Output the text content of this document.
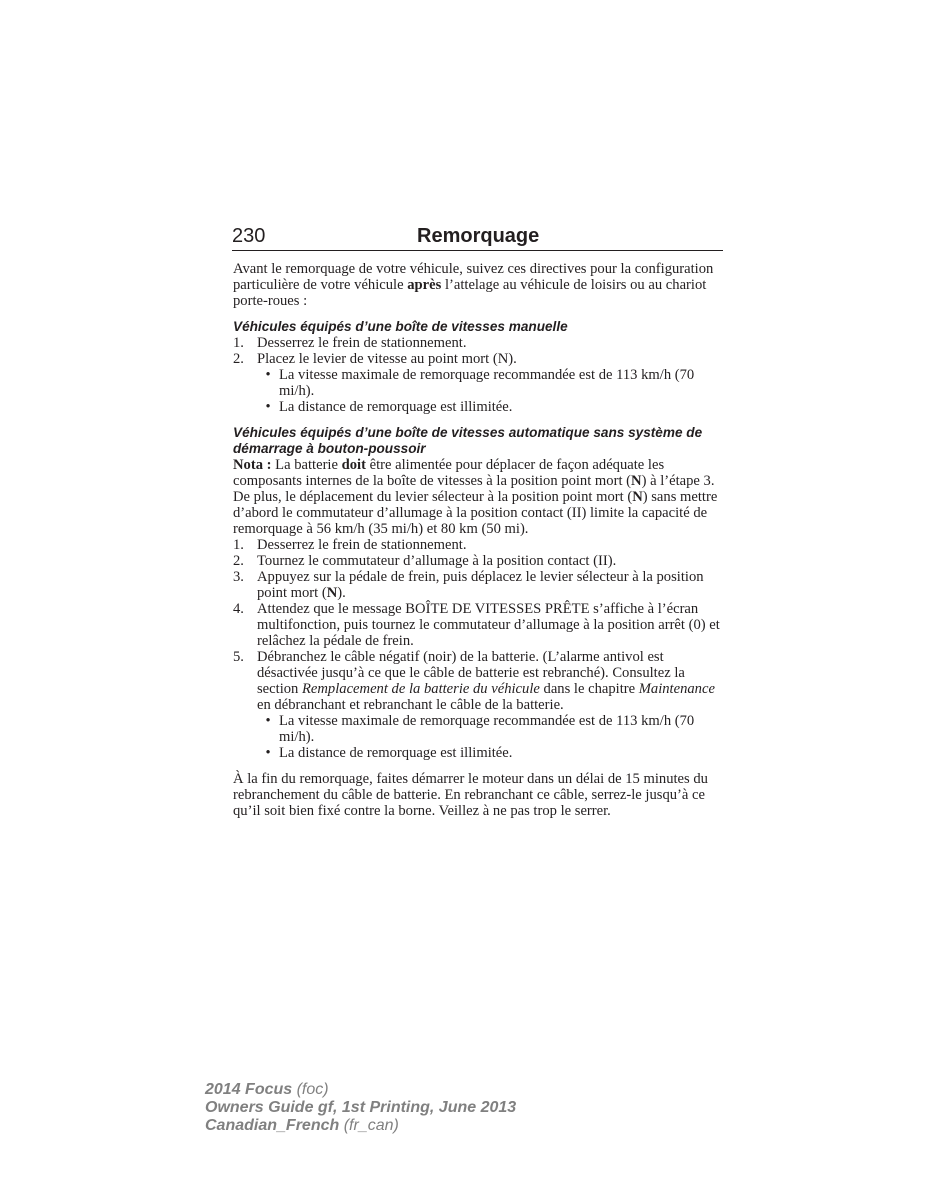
230	Remorquage

Avant le remorquage de votre véhicule, suivez ces directives pour la configuration particulière de votre véhicule après l’attelage au véhicule de loisirs ou au chariot porte-roues :

Véhicules équipés d’une boîte de vitesses manuelle

1. Desserrez le frein de stationnement.
2. Placez le levier de vitesse au point mort (N).
• La vitesse maximale de remorquage recommandée est de 113 km/h (70 mi/h).
• La distance de remorquage est illimitée.

Véhicules équipés d’une boîte de vitesses automatique sans système de démarrage à bouton-poussoir

Nota : La batterie doit être alimentée pour déplacer de façon adéquate les composants internes de la boîte de vitesses à la position point mort (N) à l’étape 3. De plus, le déplacement du levier sélecteur à la position point mort (N) sans mettre d’abord le commutateur d’allumage à la position contact (II) limite la capacité de remorquage à 56 km/h (35 mi/h) et 80 km (50 mi).

1. Desserrez le frein de stationnement.
2. Tournez le commutateur d’allumage à la position contact (II).
3. Appuyez sur la pédale de frein, puis déplacez le levier sélecteur à la position point mort (N).
4. Attendez que le message BOÎTE DE VITESSES PRÊTE s’affiche à l’écran multifonction, puis tournez le commutateur d’allumage à la position arrêt (0) et relâchez la pédale de frein.
5. Débranchez le câble négatif (noir) de la batterie. (L’alarme antivol est désactivée jusqu’à ce que le câble de batterie est rebranché). Consultez la section Remplacement de la batterie du véhicule dans le chapitre Maintenance en débranchant et rebranchant le câble de la batterie.
• La vitesse maximale de remorquage recommandée est de 113 km/h (70 mi/h).
• La distance de remorquage est illimitée.

À la fin du remorquage, faites démarrer le moteur dans un délai de 15 minutes du rebranchement du câble de batterie. En rebranchant ce câble, serrez-le jusqu’à ce qu’il soit bien fixé contre la borne. Veillez à ne pas trop le serrer.

2014 Focus (foc)
Owners Guide gf, 1st Printing, June 2013
Canadian_French (fr_can)
